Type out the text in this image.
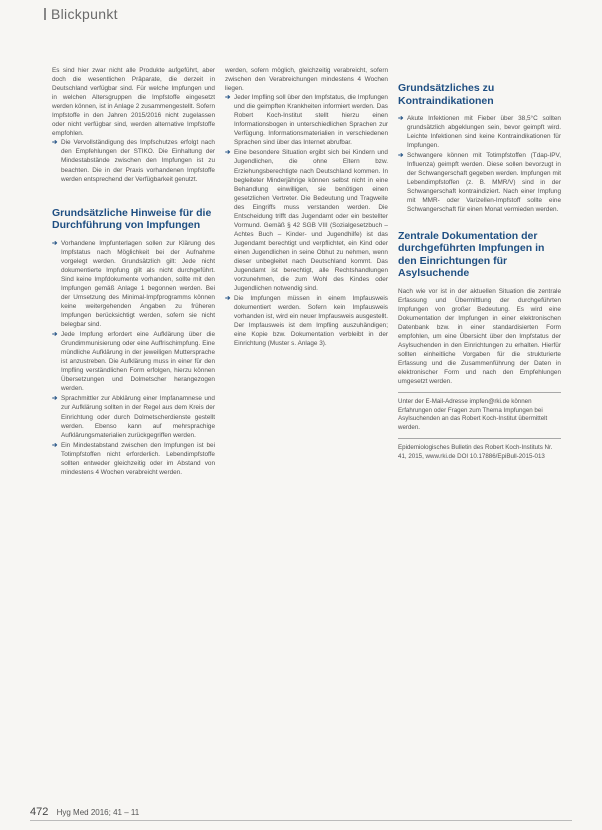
Blickpunkt

Es sind hier zwar nicht alle Produkte aufgeführt, aber doch die wesentlichen Präparate, die derzeit in Deutschland verfügbar sind. Für welche Impfungen und in welchen Altersgruppen die Impfstoffe eingesetzt werden können, ist in Anlage 2 zusammengestellt. Sofern Impfstoffe in den Jahren 2015/2016 nicht zugelassen oder nicht verfügbar sind, werden alternative Impfstoffe empfohlen.

➔ Die Vervollständigung des Impfschutzes erfolgt nach den Empfehlungen der STIKO. Die Einhaltung der Mindestabstände zwischen den Impfungen ist zu beachten. Die in der Praxis vorhandenen Impfstoffe werden entsprechend der Verfügbarkeit genutzt.
Grundsätzliche Hinweise für die Durchführung von Impfungen
➔ Vorhandene Impfunterlagen sollen zur Klärung des Impfstatus nach Möglichkeit bei der Aufnahme vorgelegt werden. Grundsätzlich gilt: Jede nicht dokumentierte Impfung gilt als nicht durchgeführt. Sind keine Impfdokumente vorhanden, sollte mit den Impfungen gemäß Anlage 1 begonnen werden. Bei der Umsetzung des Minimal-Impfprogramms können keine weitergehenden Angaben zu früheren Impfungen berücksichtigt werden, sofern sie nicht belegbar sind.
➔ Jede Impfung erfordert eine Aufklärung über die Grundimmunisierung oder eine Auffrischimpfung. Eine mündliche Aufklärung in der jeweiligen Muttersprache ist anzustreben. Die Aufklärung muss in einer für den Impfling verständlichen Form erfolgen, hierzu können Übersetzungen und Dolmetscher herangezogen werden.
➔ Sprachmittler zur Abklärung einer Impfanamnese und zur Aufklärung sollten in der Regel aus dem Kreis der Einrichtung oder durch Dolmetscherdienste gestellt werden. Ebenso kann auf mehrsprachige Aufklärungsmaterialien zurückgegriffen werden.
➔ Ein Mindestabstand zwischen den Impfungen ist bei Totimpfstoffen nicht erforderlich. Lebendimpfstoffe sollten entweder gleichzeitig oder im Abstand von mindestens 4 Wochen verabreicht werden.

werden, sofern möglich, gleichzeitig verabreicht, sofern zwischen den Verabreichungen mindestens 4 Wochen liegen.

➔ Jeder Impfling soll über den Impfstatus, die Impfungen und die geimpften Krankheiten informiert werden. Das Robert Koch-Institut stellt hierzu einen Informationsbogen in unterschiedlichen Sprachen zur Verfügung. Informationsmaterialien in verschiedenen Sprachen sind über das Internet abrufbar.
➔ Eine besondere Situation ergibt sich bei Kindern und Jugendlichen, die ohne Eltern bzw. Erziehungsberechtigte nach Deutschland kommen. In begleiteter Minderjährige können selbst nicht in eine Behandlung einwilligen, sie benötigen einen gesetzlichen Vertreter. Die Bedeutung und Tragweite des Eingriffs muss verstanden werden. Die Entscheidung trifft das Jugendamt oder ein bestellter Vormund. Gemäß § 42 SGB VIII (Sozialgesetzbuch – Achtes Buch – Kinder- und Jugendhilfe) ist das Jugendamt berechtigt und verpflichtet, ein Kind oder einen Jugendlichen in seine Obhut zu nehmen, wenn dieser unbegleitet nach Deutschland kommt. Das Jugendamt ist berechtigt, alle Rechtshandlungen vorzunehmen, die zum Wohl des Kindes oder Jugendlichen notwendig sind.
➔ Die Impfungen müssen in einem Impfausweis dokumentiert werden. Sofern kein Impfausweis vorhanden ist, wird ein neuer Impfausweis ausgestellt. Der Impfausweis ist dem Impfling auszuhändigen; eine Kopie bzw. Dokumentation verbleibt in der Einrichtung (Muster s. Anlage 3).
Grundsätzliches zu Kontraindikationen
➔ Akute Infektionen mit Fieber über 38,5°C sollten grundsätzlich abgeklungen sein, bevor geimpft wird. Leichte Infektionen sind keine Kontraindikationen für Impfungen.
➔ Schwangere können mit Totimpfstoffen (Tdap-IPV, Influenza) geimpft werden. Diese sollen bevorzugt in der Schwangerschaft gegeben werden. Impfungen mit Lebendimpfstoffen (z. B. MMR/V) sind in der Schwangerschaft kontraindiziert. Nach einer Impfung mit MMR- oder Varizellen-Impfstoff sollte eine Schwangerschaft für einen Monat vermieden werden.
Zentrale Dokumentation der durchgeführten Impfungen in den Einrichtungen für Asylsuchende

Nach wie vor ist in der aktuellen Situation die zentrale Erfassung und Übermittlung der durchgeführten Impfungen von großer Bedeutung. Es wird eine Dokumentation der Impfungen in einer elektronischen Datenbank bzw. in einer standardisierten Form empfohlen, um eine Übersicht über den Impfstatus der Asylsuchenden in den Einrichtungen zu erhalten. Hierfür sollten einheitliche Vorgaben für die strukturierte Erfassung und die Zusammenführung der Daten in elektronischer Form und nach den Empfehlungen umgesetzt werden.

Unter der E-Mail-Adresse impfen@rki.de können Erfahrungen oder Fragen zum Thema Impfungen bei Asylsuchenden an das Robert Koch-Institut übermittelt werden.

Epidemiologisches Bulletin des Robert Koch-Instituts Nr. 41, 2015, www.rki.de DOI 10.17886/EpiBull-2015-013

472 Hyg Med 2016; 41 – 11
